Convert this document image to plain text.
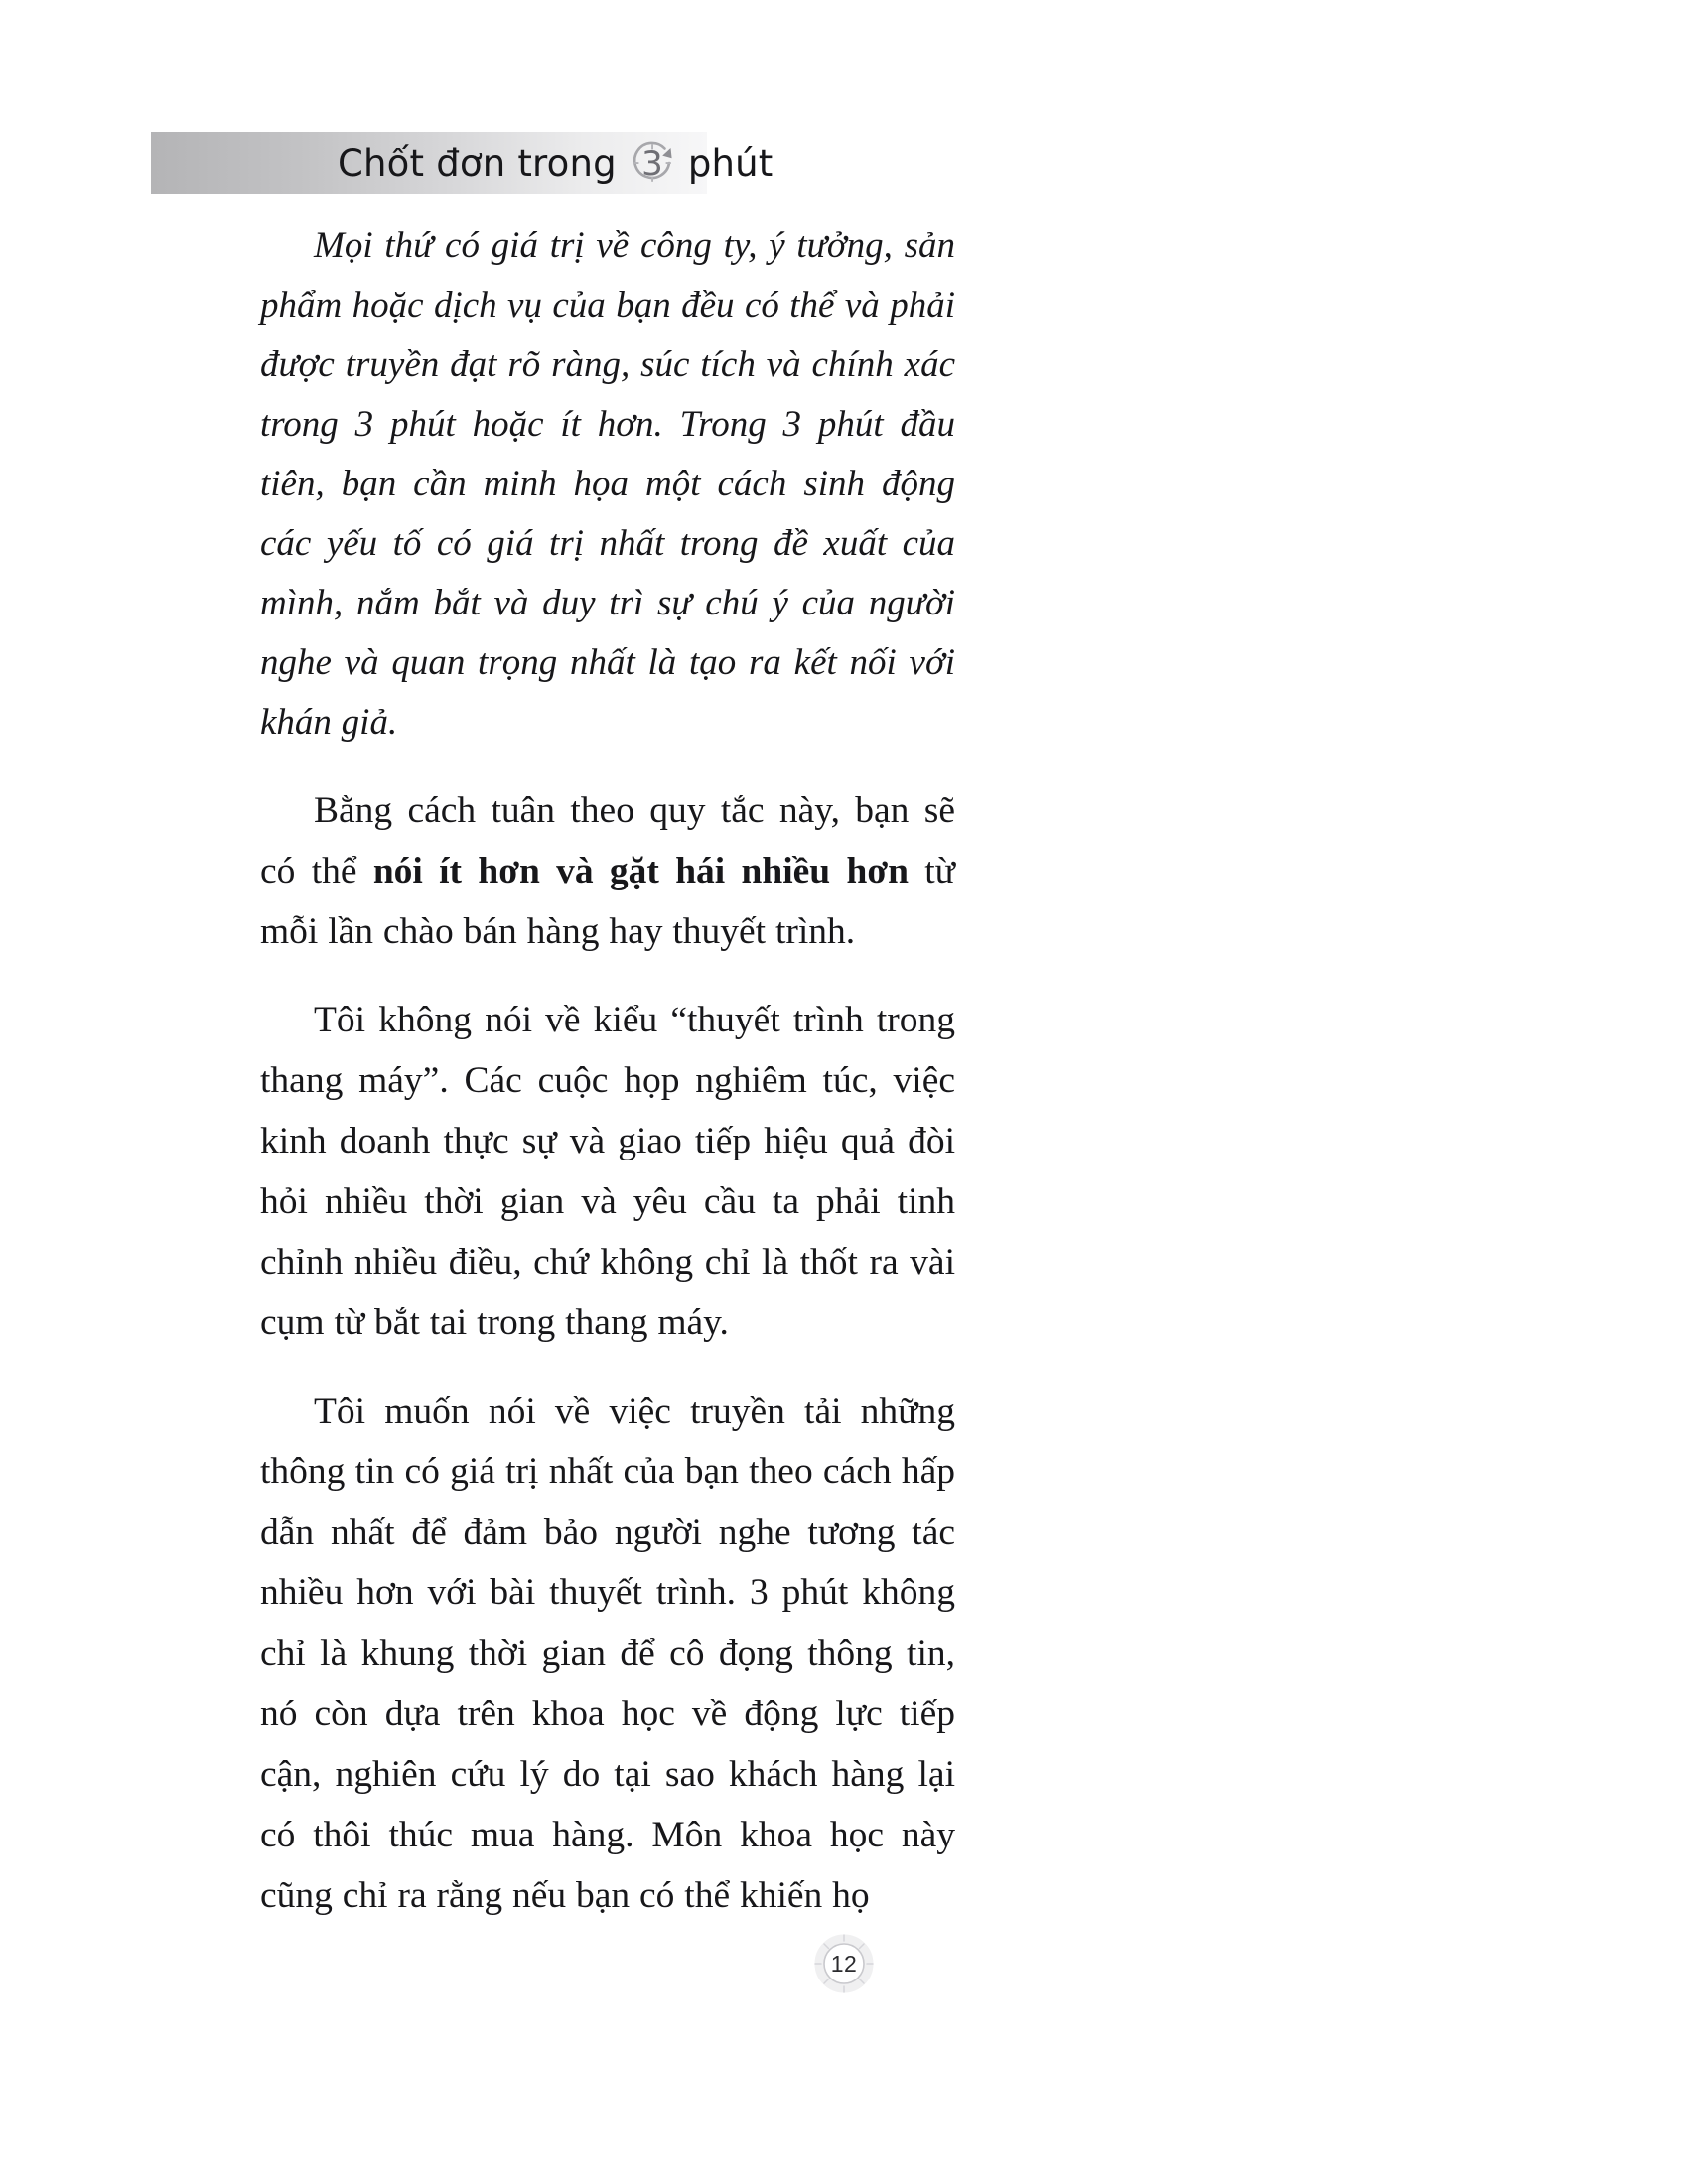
Chốt đơn trong 3 phút

Mọi thứ có giá trị về công ty, ý tưởng, sản phẩm hoặc dịch vụ của bạn đều có thể và phải được truyền đạt rõ ràng, súc tích và chính xác trong 3 phút hoặc ít hơn. Trong 3 phút đầu tiên, bạn cần minh họa một cách sinh động các yếu tố có giá trị nhất trong đề xuất của mình, nắm bắt và duy trì sự chú ý của người nghe và quan trọng nhất là tạo ra kết nối với khán giả.

Bằng cách tuân theo quy tắc này, bạn sẽ có thể nói ít hơn và gặt hái nhiều hơn từ mỗi lần chào bán hàng hay thuyết trình.

Tôi không nói về kiểu “thuyết trình trong thang máy”. Các cuộc họp nghiêm túc, việc kinh doanh thực sự và giao tiếp hiệu quả đòi hỏi nhiều thời gian và yêu cầu ta phải tinh chỉnh nhiều điều, chứ không chỉ là thốt ra vài cụm từ bắt tai trong thang máy.

Tôi muốn nói về việc truyền tải những thông tin có giá trị nhất của bạn theo cách hấp dẫn nhất để đảm bảo người nghe tương tác nhiều hơn với bài thuyết trình. 3 phút không chỉ là khung thời gian để cô đọng thông tin, nó còn dựa trên khoa học về động lực tiếp cận, nghiên cứu lý do tại sao khách hàng lại có thôi thúc mua hàng. Môn khoa học này cũng chỉ ra rằng nếu bạn có thể khiến họ

12
